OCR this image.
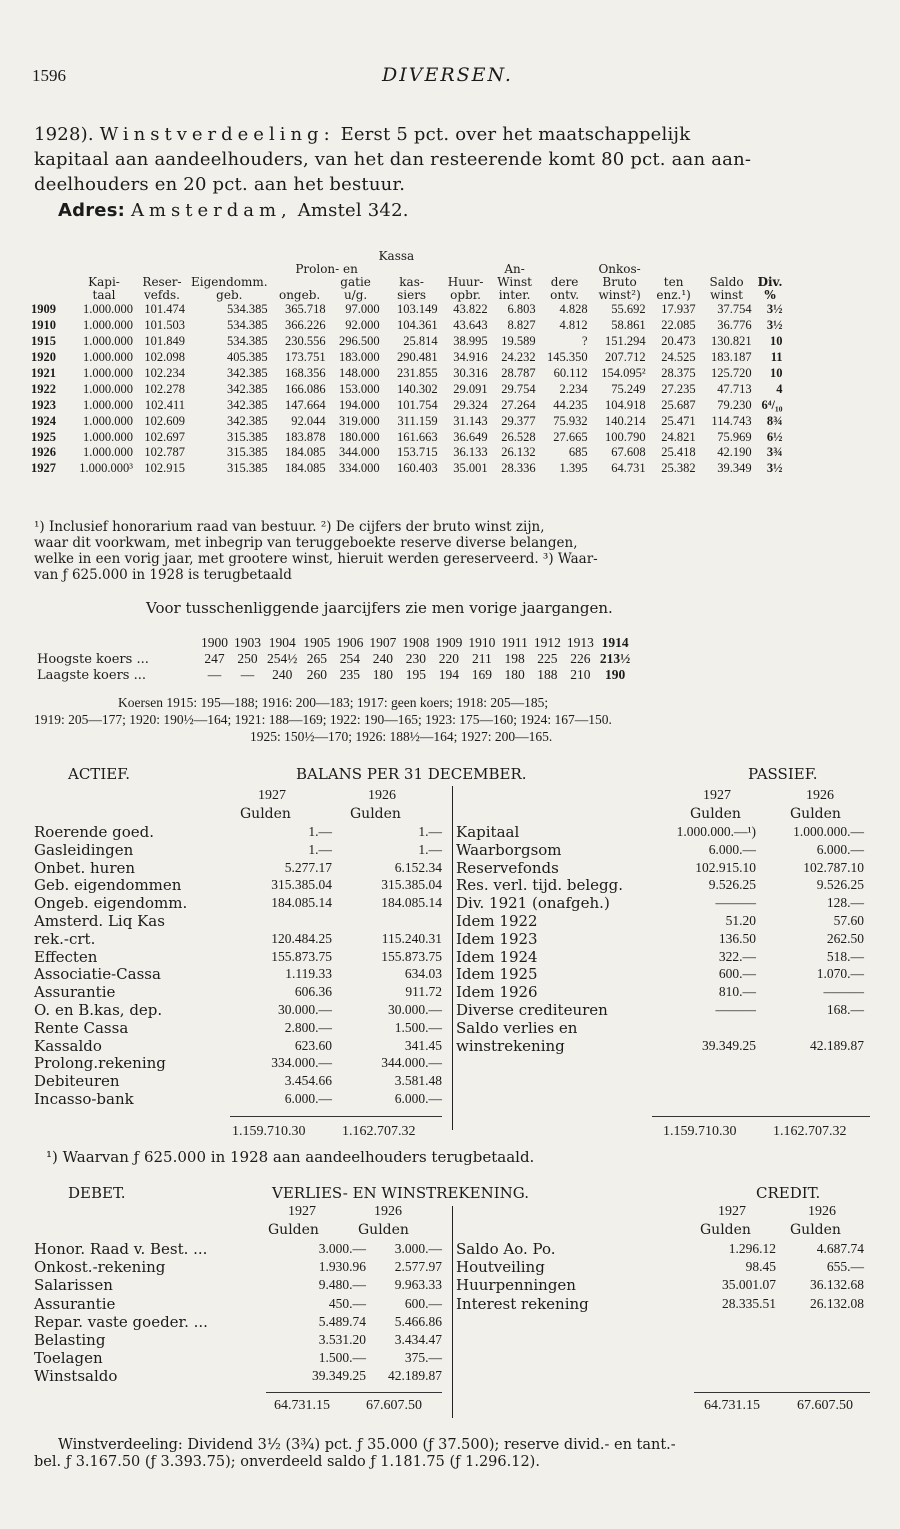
1596	DIVERSEN.
1928). Winstverdeeling: Eerst 5 pct. over het maatschappelijk
kapitaal aan aandeelhouders, van het dan resteerende komt 80 pct. aan aan-
deelhouders en 20 pct. aan het bestuur.
Adres: Amsterdam, Amstel 342.
					Kassa								
				Prolon- en				An-		Onkos-			
	Kapi-	Reser-	Eigendomm.		gatie	kas-	Huur-	Winst	dere	Bruto	ten	Saldo	Div.
	taal	vefds.	geb.	ongeb.	u/g.	siers	opbr.	inter.	ontv.	winst²)	enz.¹)	winst	%
1909	1.000.000	101.474	534.385	365.718	97.000	103.149	43.822	6.803	4.828	55.692	17.937	37.754	3½
1910	1.000.000	101.503	534.385	366.226	92.000	104.361	43.643	8.827	4.812	58.861	22.085	36.776	3½
1915	1.000.000	101.849	534.385	230.556	296.500	25.814	38.995	19.589	?	151.294	20.473	130.821	10
1920	1.000.000	102.098	405.385	173.751	183.000	290.481	34.916	24.232	145.350	207.712	24.525	183.187	11
1921	1.000.000	102.234	342.385	168.356	148.000	231.855	30.316	28.787	60.112	154.095²	28.375	125.720	10
1922	1.000.000	102.278	342.385	166.086	153.000	140.302	29.091	29.754	2.234	75.249	27.235	47.713	4
1923	1.000.000	102.411	342.385	147.664	194.000	101.754	29.324	27.264	44.235	104.918	25.687	79.230	6⁴/₁₀
1924	1.000.000	102.609	342.385	92.044	319.000	311.159	31.143	29.377	75.932	140.214	25.471	114.743	8¾
1925	1.000.000	102.697	315.385	183.878	180.000	161.663	36.649	26.528	27.665	100.790	24.821	75.969	6½
1926	1.000.000	102.787	315.385	184.085	344.000	153.715	36.133	26.132	685	67.608	25.418	42.190	3¾
1927	1.000.000³	102.915	315.385	184.085	334.000	160.403	35.001	28.336	1.395	64.731	25.382	39.349	3½
¹) Inclusief honorarium raad van bestuur. ²) De cijfers der bruto winst zijn,
waar dit voorkwam, met inbegrip van teruggeboekte reserve diverse belangen,
welke in een vorig jaar, met grootere winst, hieruit werden gereserveerd. ³) Waar-
van ƒ 625.000 in 1928 is terugbetaald
Voor tusschenliggende jaarcijfers zie men vorige jaargangen.
	1900	1903	1904	1905	1906	1907	1908	1909	1910	1911	1912	1913	1914
Hoogste koers ...	247	250	254½	265	254	240	230	220	211	198	225	226	213½
Laagste koers ...	—	—	240	260	235	180	195	194	169	180	188	210	190
Koersen 1915: 195—188; 1916: 200—183; 1917: geen koers; 1918: 205—185;
1919: 205—177; 1920: 190½—164; 1921: 188—169; 1922: 190—165; 1923: 175—160; 1924: 167—150.
1925: 150½—170; 1926: 188½—164; 1927: 200—165.
ACTIEF.	BALANS PER 31 DECEMBER.	PASSIEF.
1927	1926
Gulden	Gulden
1927	1926
Gulden	Gulden
Roerende goed.	1.—	1.—
Gasleidingen	1.—	1.—
Onbet. huren	5.277.17	6.152.34
Geb. eigendommen	315.385.04	315.385.04
Ongeb. eigendomm.	184.085.14	184.085.14
Amsterd. Liq Kas
rek.-crt.	120.484.25	115.240.31
Effecten	155.873.75	155.873.75
Associatie-Cassa	1.119.33	634.03
Assurantie	606.36	911.72
O. en B.kas, dep.	30.000.—	30.000.—
Rente Cassa	2.800.—	1.500.—
Kassaldo	623.60	341.45
Prolong.rekening	334.000.—	344.000.—
Debiteuren	3.454.66	3.581.48
Incasso-bank	6.000.—	6.000.—
Kapitaal	1.000.000.—¹)	1.000.000.—
Waarborgsom	6.000.—	6.000.—
Reservefonds	102.915.10	102.787.10
Res. verl. tijd. belegg.	9.526.25	9.526.25
Div. 1921 (onafgeh.)	———	128.—
Idem 1922	51.20	57.60
Idem 1923	136.50	262.50
Idem 1924	322.—	518.—
Idem 1925	600.—	1.070.—
Idem 1926	810.—	———
Diverse crediteuren	———	168.—
Saldo verlies en
winstrekening	39.349.25	42.189.87
1.159.710.30	1.162.707.32	1.159.710.30	1.162.707.32
¹) Waarvan ƒ 625.000 in 1928 aan aandeelhouders terugbetaald.
DEBET.	VERLIES- EN WINSTREKENING.	CREDIT.
1927	1926
Gulden	Gulden
1927	1926
Gulden	Gulden
Honor. Raad v. Best. ...	3.000.— 3.000.—
Onkost.-rekening	1.930.96 2.577.97
Salarissen	9.480.— 9.963.33
Assurantie	450.—	600.—
Repar. vaste goeder. ...	5.489.74 5.466.86
Belasting	3.531.20 3.434.47
Toelagen	1.500.—	375.—
Winstsaldo	39.349.25 42.189.87
Saldo Ao. Po.	1.296.12	4.687.74
Houtveiling	98.45	655.—
Huurpenningen	35.001.07	36.132.68
Interest rekening	28.335.51	26.132.08
64.731.15	67.607.50	64.731.15	67.607.50
Winstverdeeling: Dividend 3½ (3¾) pct. ƒ 35.000 (ƒ 37.500); reserve divid.- en tant.-
bel. ƒ 3.167.50 (ƒ 3.393.75); onverdeeld saldo ƒ 1.181.75 (ƒ 1.296.12).
